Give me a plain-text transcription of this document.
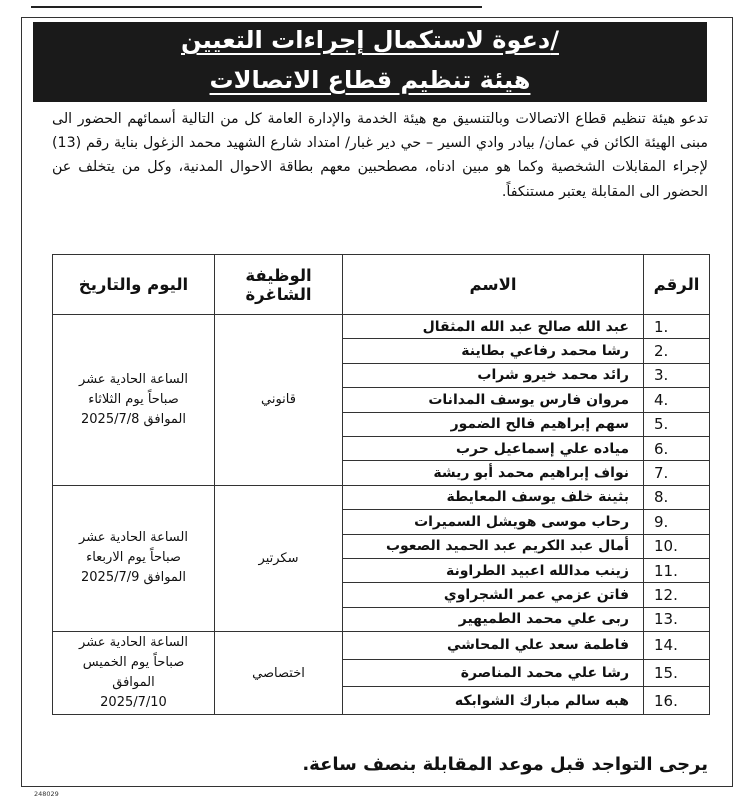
دعوة لاستكمال إجراءات التعيين/
هيئة تنظيم قطاع الاتصالات
تدعو هيئة تنظيم قطاع الاتصالات وبالتنسيق مع هيئة الخدمة والإدارة العامة كل من التالية أسمائهم الحضور الى مبنى الهيئة الكائن في عمان/ بيادر وادي السير – حي دير غبار/ امتداد شارع الشهيد محمد الزغول بناية رقم (13) لإجراء المقابلات الشخصية وكما هو مبين ادناه، مصطحبين معهم بطاقة الاحوال المدنية، وكل من يتخلف عن الحضور الى المقابلة يعتبر مستنكفاً.
الرقم	الاسم	الوظيفة الشاغرة	اليوم والتاريخ
1.	عبد الله صالح عبد الله المثقال	قانوني	الساعة الحادية عشر
صباحاً يوم الثلاثاء
الموافق 2025/7/8

2.	رشا محمد رفاعي بطاينة		
3.	رائد محمد خيرو شراب		
4.	مروان فارس يوسف المدانات		
5.	سهم إبراهيم فالح الضمور		
6.	مياده علي إسماعيل حرب		
7.	نواف إبراهيم محمد أبو ريشة		
8.	بثينة خلف يوسف المعايطة	سكرتير	الساعة الحادية عشر
صباحاً يوم الاربعاء
الموافق 2025/7/9

9.	رحاب موسى هويشل السميرات		
10.	أمال عبد الكريم عبد الحميد الصعوب		
11.	زينب مدالله اعبيد الطراونة		
12.	فاتن عزمي عمر الشجراوي		
13.	ربى علي محمد الطميهير		
14.	فاطمة سعد علي المحاشي	اختصاصي	الساعة الحادية عشر
صباحاً يوم الخميس
الموافق
2025/7/10

15.	رشا علي محمد المناصرة		
16.	هبه سالم مبارك الشوابكه		
يرجى التواجد قبل موعد المقابلة بنصف ساعة.
248029
